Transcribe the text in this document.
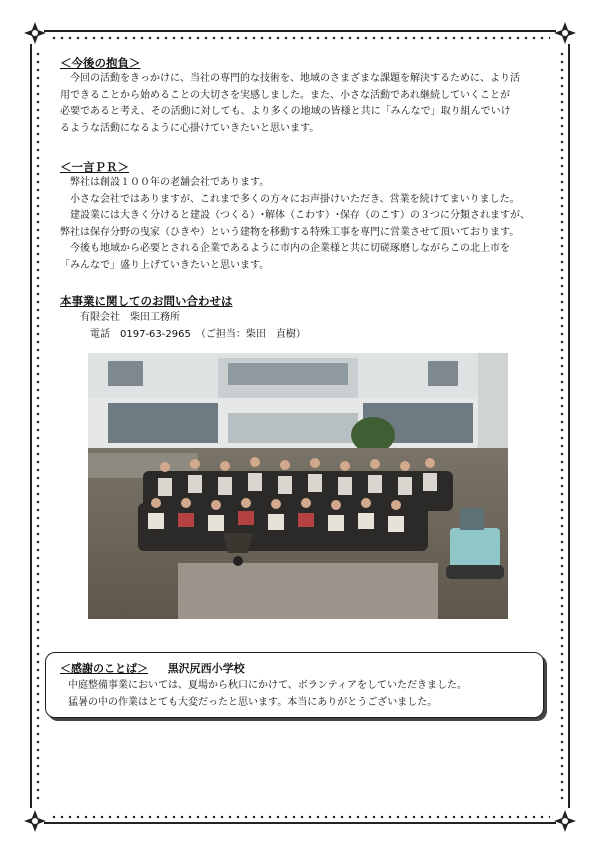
＜今後の抱負＞

今回の活動をきっかけに、当社の専門的な技術を、地域のさまざまな課題を解決するために、より活

用できることから始めることの大切さを実感しました。また、小さな活動であれ継続していくことが

必要であると考え、その活動に対しても、より多くの地域の皆様と共に「みんなで」取り組んでいけ

るような活動になるように心掛けていきたいと思います。

＜一言ＰＲ＞

弊社は創設１００年の老舗会社であります。

小さな会社ではありますが、これまで多くの方々にお声掛けいただき、営業を続けてまいりました。

建設業には大きく分けると建設（つくる）･解体（こわす）･保存（のこす）の３つに分類されますが、

弊社は保存分野の曳家（ひきや）という建物を移動する特殊工事を専門に営業させて頂いております。

今後も地域から必要とされる企業であるように市内の企業様と共に切磋琢磨しながらこの北上市を

「みんなで」盛り上げていきたいと思います。

本事業に関してのお問い合わせは

有限会社　柴田工務所

電話　0197-63-2965　（ご担当：柴田　直樹）

＜感謝のことば＞ 黒沢尻西小学校

中庭整備事業においては、夏場から秋口にかけて、ボランティアをしていただきました。

猛暑の中の作業はとても大変だったと思います。本当にありがとうございました。
